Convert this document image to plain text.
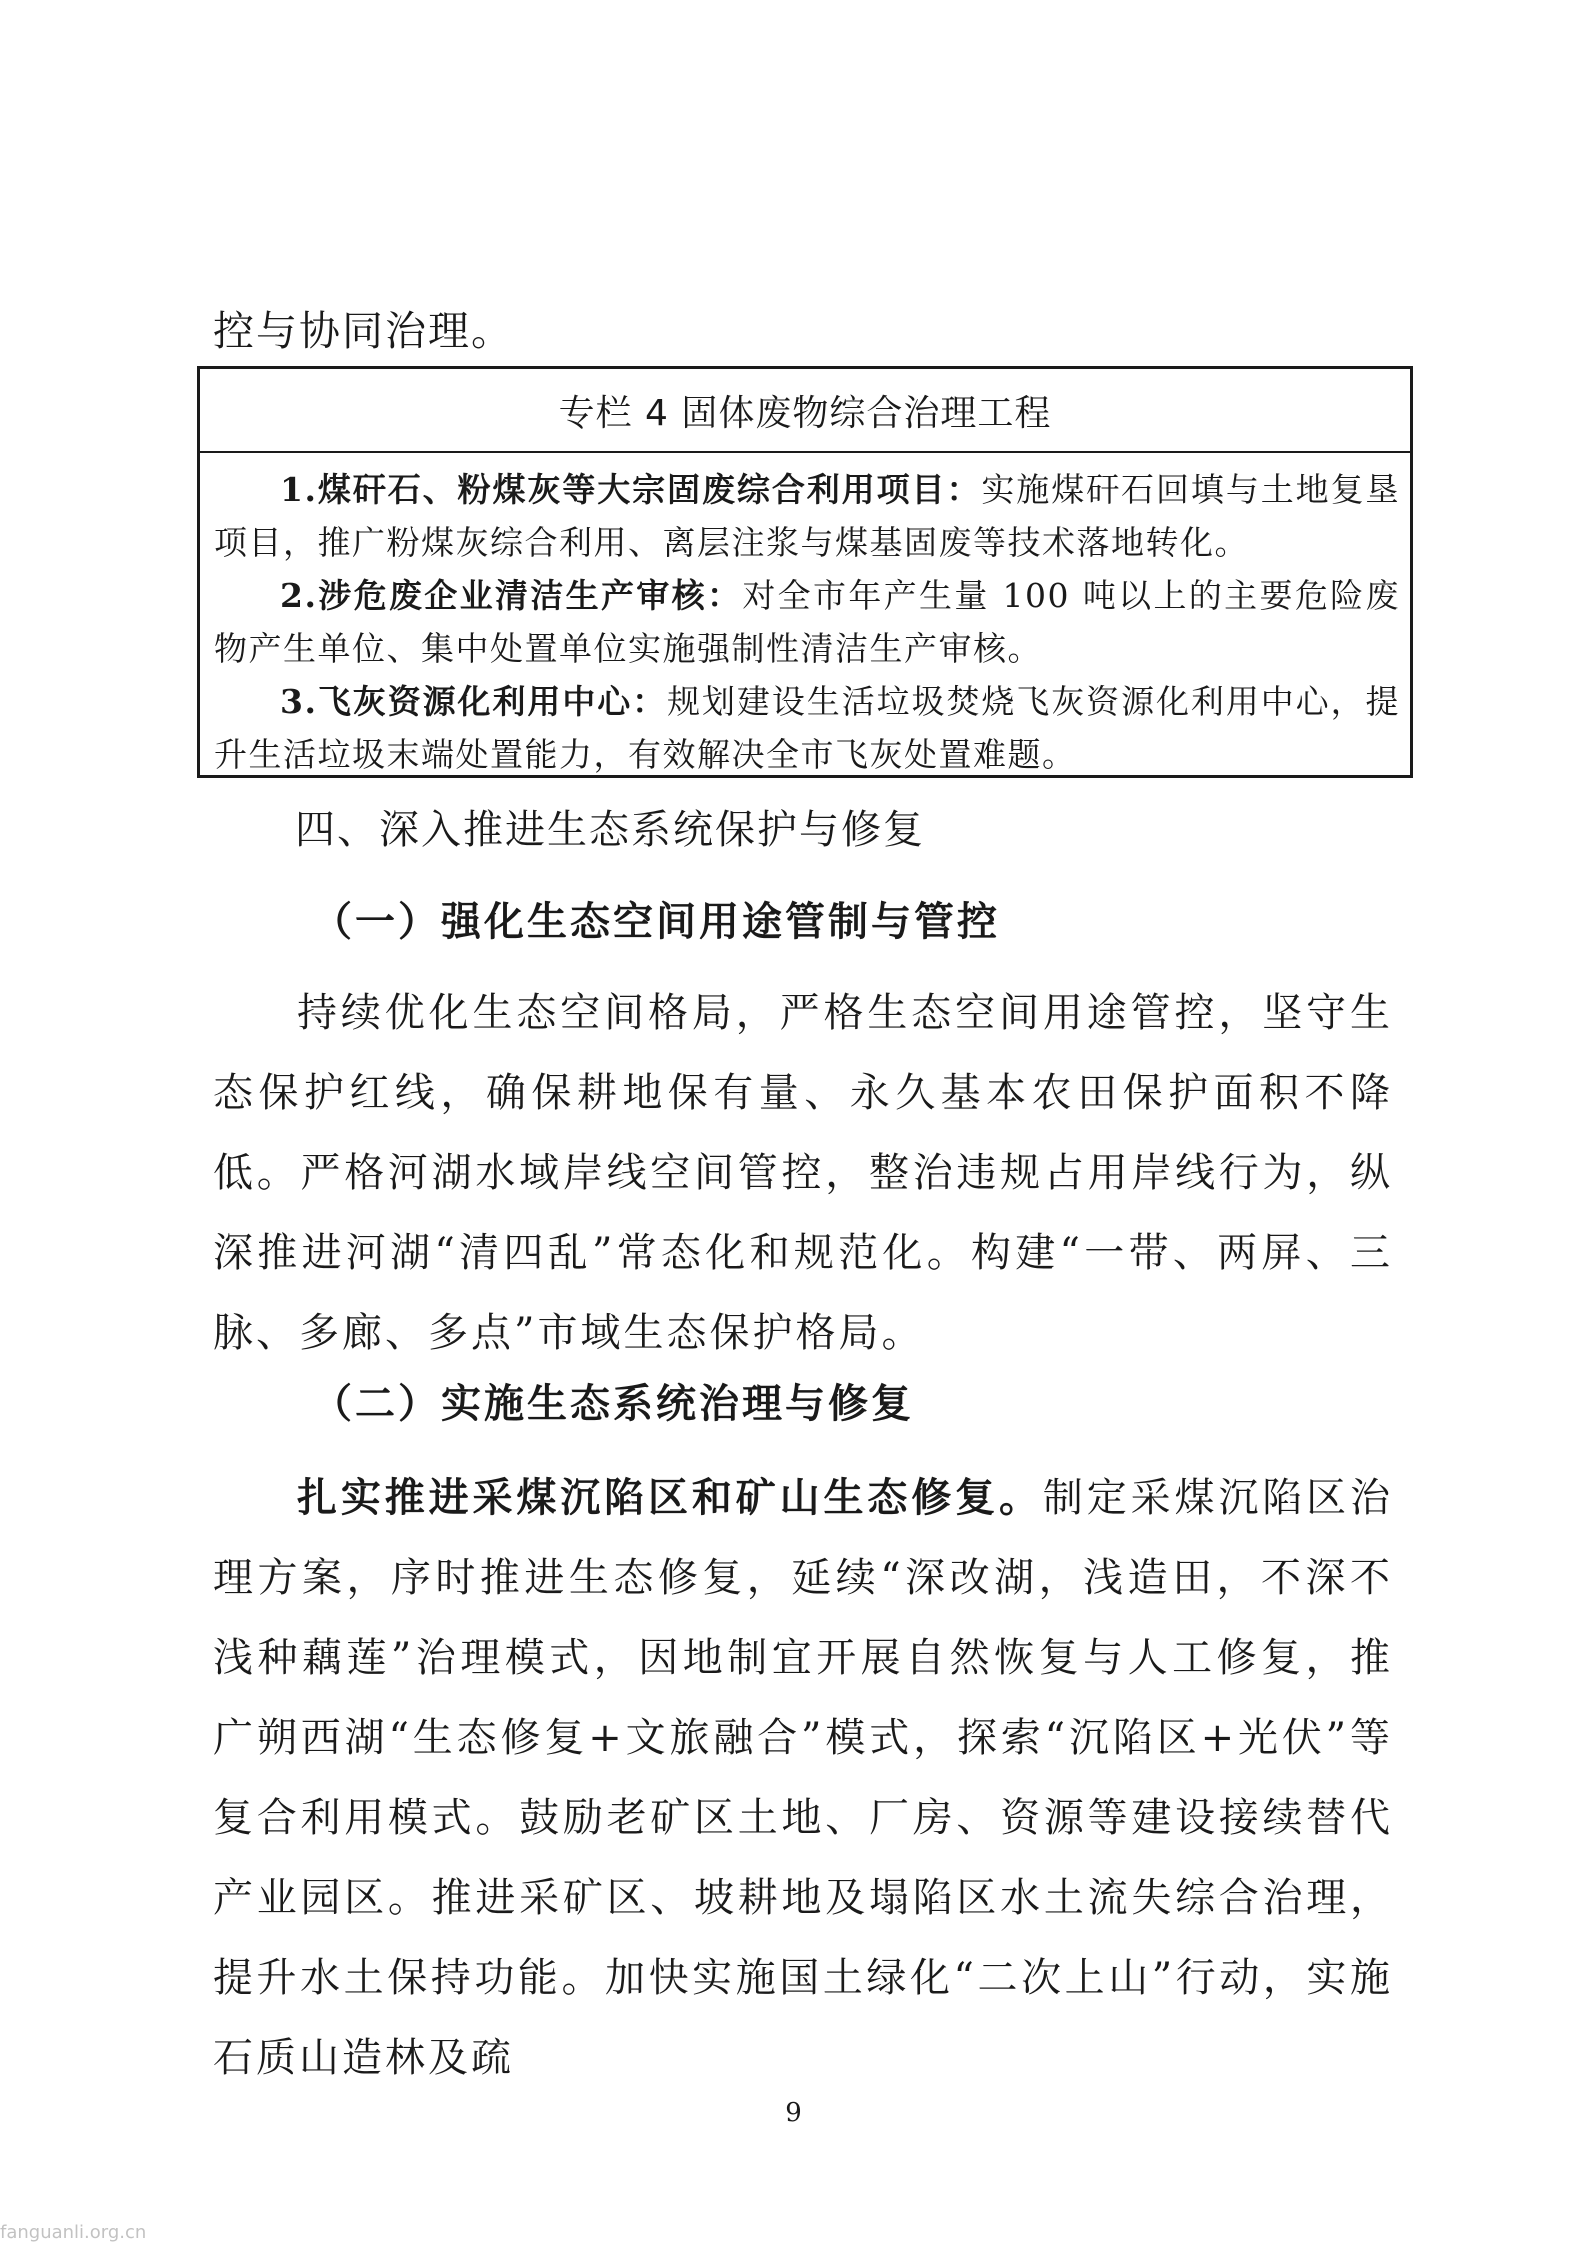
控与协同治理。
专栏 4 固体废物综合治理工程

1.煤矸石、粉煤灰等大宗固废综合利用项目：实施煤矸石回填与土地复垦项目，推广粉煤灰综合利用、离层注浆与煤基固废等技术落地转化。

2.涉危废企业清洁生产审核：对全市年产生量 100 吨以上的主要危险废物产生单位、集中处置单位实施强制性清洁生产审核。

3.飞灰资源化利用中心：规划建设生活垃圾焚烧飞灰资源化利用中心，提升生活垃圾末端处置能力，有效解决全市飞灰处置难题。

四、深入推进生态系统保护与修复
（一）强化生态空间用途管制与管控

持续优化生态空间格局，严格生态空间用途管控，坚守生态保护红线，确保耕地保有量、永久基本农田保护面积不降低。严格河湖水域岸线空间管控，整治违规占用岸线行为，纵深推进河湖“清四乱”常态化和规范化。构建“一带、两屏、三脉、多廊、多点”市域生态保护格局。

（二）实施生态系统治理与修复

扎实推进采煤沉陷区和矿山生态修复。制定采煤沉陷区治理方案，序时推进生态修复，延续“深改湖，浅造田，不深不浅种藕莲”治理模式，因地制宜开展自然恢复与人工修复，推广朔西湖“生态修复+文旅融合”模式，探索“沉陷区+光伏”等复合利用模式。鼓励老矿区土地、厂房、资源等建设接续替代产业园区。推进采矿区、坡耕地及塌陷区水土流失综合治理，提升水土保持功能。加快实施国土绿化“二次上山”行动，实施石质山造林及疏

9
fanguanli.org.cn
